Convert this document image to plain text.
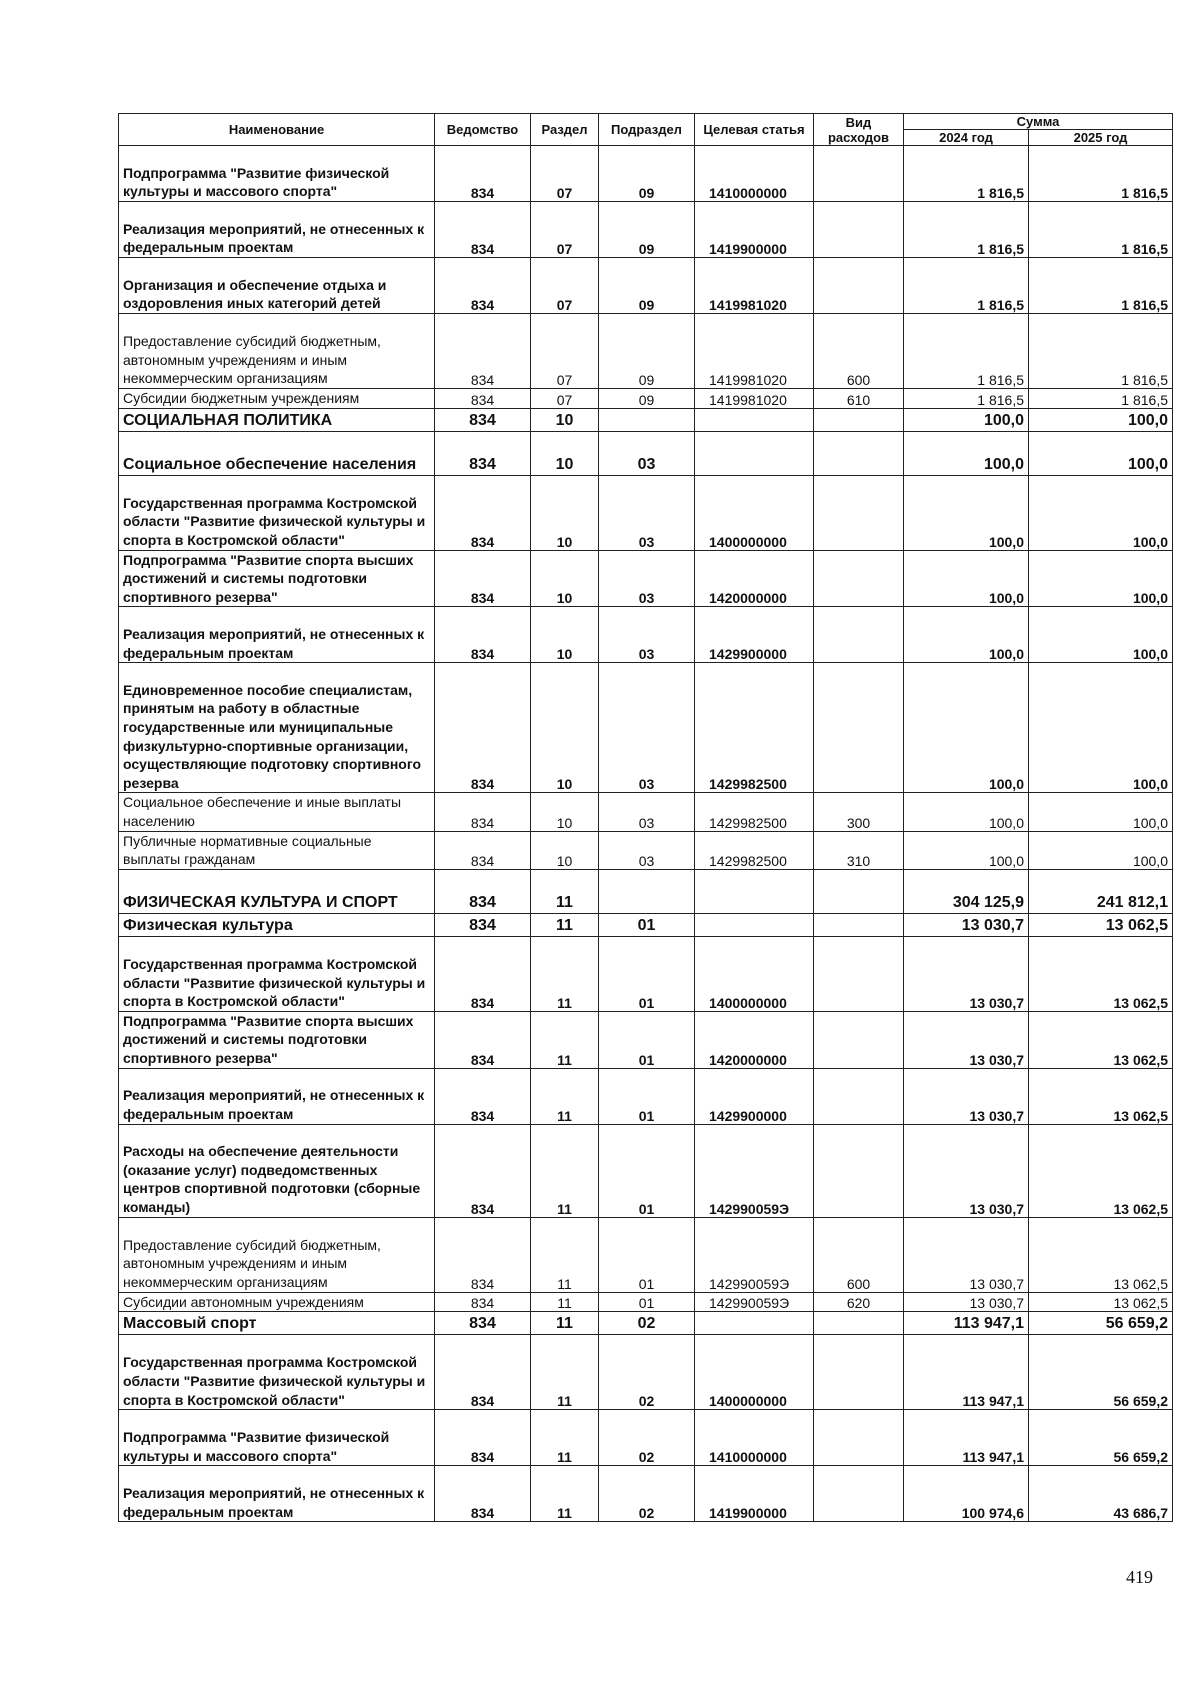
Наименование	Ведомство	Раздел	Подраздел	Целевая статья	Вид расходов	Сумма	
						2024 год	2025 год
Подпрограмма "Развитие физической культуры и массового спорта"	834	07	09	1410000000		1 816,5	1 816,5
Реализация мероприятий, не отнесенных к федеральным проектам	834	07	09	1419900000		1 816,5	1 816,5
Организация и обеспечение отдыха и оздоровления иных категорий детей	834	07	09	1419981020		1 816,5	1 816,5
Предоставление субсидий бюджетным, автономным учреждениям и иным некоммерческим организациям	834	07	09	1419981020	600	1 816,5	1 816,5
Субсидии бюджетным учреждениям	834	07	09	1419981020	610	1 816,5	1 816,5
СОЦИАЛЬНАЯ ПОЛИТИКА	834	10				100,0	100,0
Социальное обеспечение населения	834	10	03			100,0	100,0
Государственная программа Костромской области "Развитие физической культуры и спорта в Костромской области"	834	10	03	1400000000		100,0	100,0
Подпрограмма "Развитие спорта высших достижений и системы подготовки спортивного резерва"	834	10	03	1420000000		100,0	100,0
Реализация мероприятий, не отнесенных к федеральным проектам	834	10	03	1429900000		100,0	100,0
Единовременное пособие специалистам, принятым на работу в областные государственные или муниципальные физкультурно-спортивные организации, осуществляющие подготовку спортивного резерва	834	10	03	1429982500		100,0	100,0
Социальное обеспечение и иные выплаты населению	834	10	03	1429982500	300	100,0	100,0
Публичные нормативные социальные выплаты гражданам	834	10	03	1429982500	310	100,0	100,0
ФИЗИЧЕСКАЯ КУЛЬТУРА И СПОРТ	834	11				304 125,9	241 812,1
Физическая культура	834	11	01			13 030,7	13 062,5
Государственная программа Костромской области "Развитие физической культуры и спорта в Костромской области"	834	11	01	1400000000		13 030,7	13 062,5
Подпрограмма "Развитие спорта высших достижений и системы подготовки спортивного резерва"	834	11	01	1420000000		13 030,7	13 062,5
Реализация мероприятий, не отнесенных к федеральным проектам	834	11	01	1429900000		13 030,7	13 062,5
Расходы на обеспечение деятельности (оказание услуг) подведомственных центров спортивной подготовки (сборные команды)	834	11	01	142990059Э		13 030,7	13 062,5
Предоставление субсидий бюджетным, автономным учреждениям и иным некоммерческим организациям	834	11	01	142990059Э	600	13 030,7	13 062,5
Субсидии автономным учреждениям	834	11	01	142990059Э	620	13 030,7	13 062,5
Массовый спорт	834	11	02			113 947,1	56 659,2
Государственная программа Костромской области "Развитие физической культуры и спорта в Костромской области"	834	11	02	1400000000		113 947,1	56 659,2
Подпрограмма "Развитие физической культуры и массового спорта"	834	11	02	1410000000		113 947,1	56 659,2
Реализация мероприятий, не отнесенных к федеральным проектам	834	11	02	1419900000		100 974,6	43 686,7
419
